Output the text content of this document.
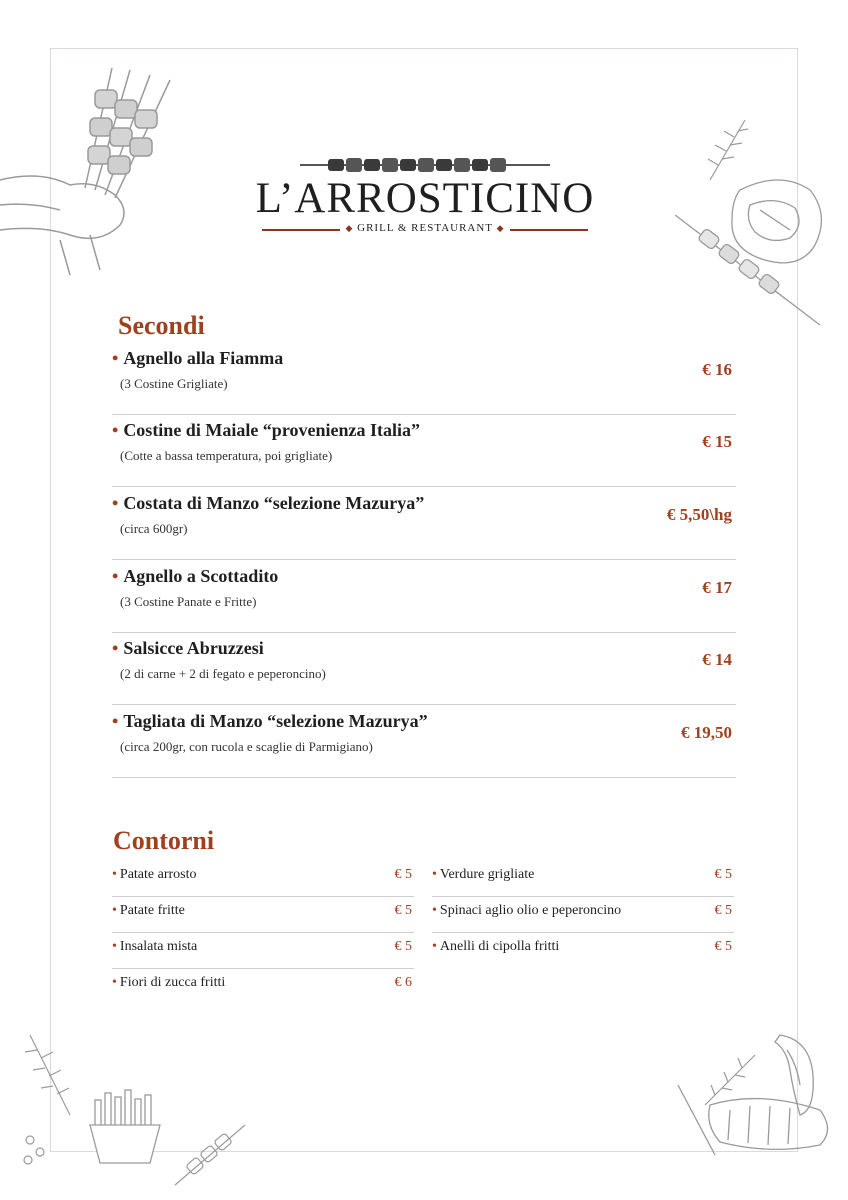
L’ARROSTICINO
◆ GRILL & RESTAURANT ◆
Secondi
• Agnello alla Fiamma
(3 Costine Grigliate)
€ 16
• Costine di Maiale “provenienza Italia”
(Cotte a bassa temperatura, poi grigliate)
€ 15
• Costata di Manzo “selezione Mazurya”
(circa 600gr)
€ 5,50\hg
• Agnello a Scottadito
(3 Costine Panate e Fritte)
€ 17
• Salsicce Abruzzesi
(2 di carne + 2 di fegato e peperoncino)
€ 14
• Tagliata di Manzo “selezione Mazurya”
(circa 200gr, con rucola e scaglie di Parmigiano)
€ 19,50
Contorni
• Patate arrosto	€ 5
• Patate fritte	€ 5
• Insalata mista	€ 5
• Fiori di zucca fritti	€ 6
• Verdure grigliate	€ 5
• Spinaci aglio olio e peperoncino	€ 5
• Anelli di cipolla fritti	€ 5
